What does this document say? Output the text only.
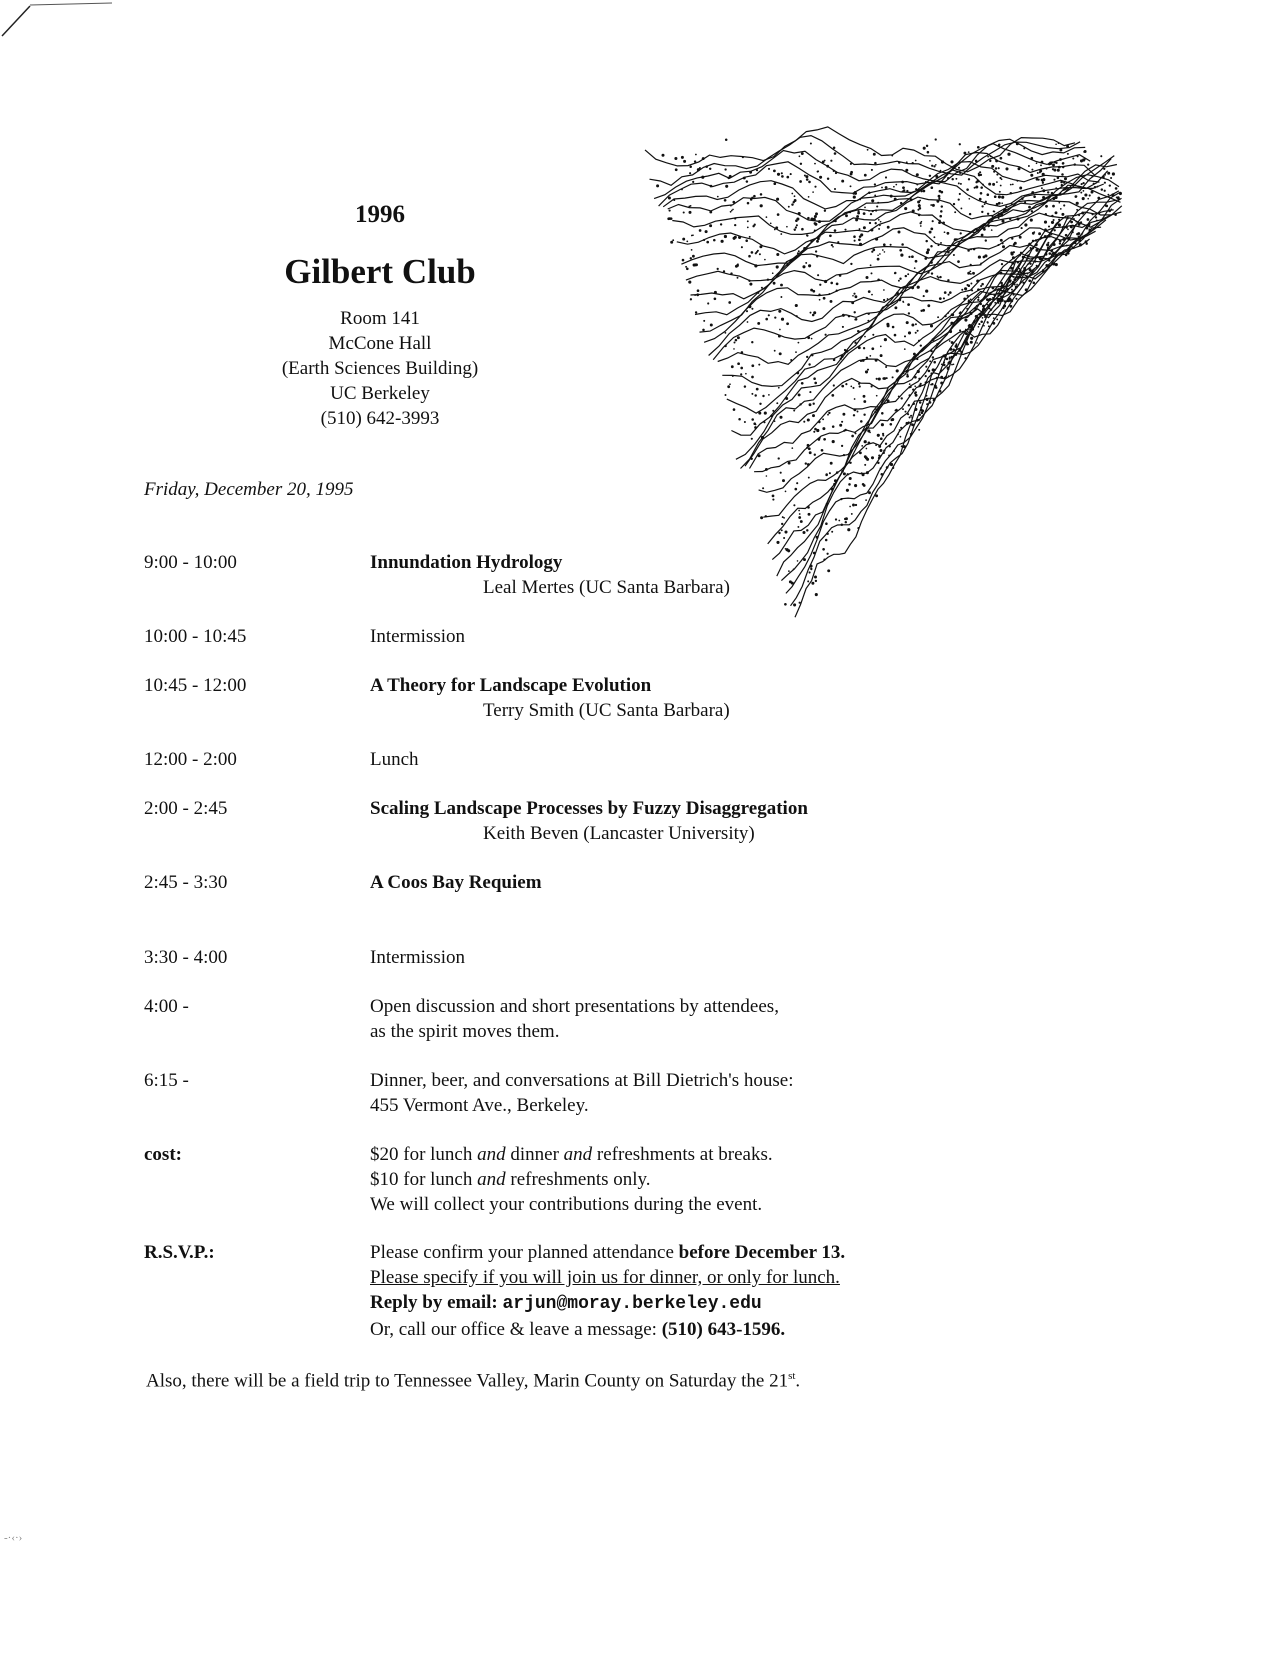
1996
Gilbert Club
Room 141
McCone Hall
(Earth Sciences Building)
UC Berkeley
(510) 642-3993
Friday, December 20, 1995
9:00 - 10:00	Innundation Hydrology
Leal Mertes (UC Santa Barbara)
10:00 - 10:45	Intermission
10:45 - 12:00	A Theory for Landscape Evolution
Terry Smith (UC Santa Barbara)
12:00 - 2:00	Lunch
2:00 - 2:45	Scaling Landscape Processes by Fuzzy Disaggregation
Keith Beven (Lancaster University)
2:45 - 3:30	A Coos Bay Requiem
3:30 - 4:00	Intermission
4:00 -	Open discussion and short presentations by attendees,
as the spirit moves them.
6:15 -	Dinner, beer, and conversations at Bill Dietrich's house:
455 Vermont Ave., Berkeley.
cost:	$20 for lunch and dinner and refreshments at breaks.
$10 for lunch and refreshments only.
We will collect your contributions during the event.
R.S.V.P.:	Please confirm your planned attendance before December 13.
Please specify if you will join us for dinner, or only for lunch.
Reply by email: arjun@moray.berkeley.edu
Or, call our office & leave a message: (510) 643-1596.
Also, there will be a field trip to Tennessee Valley, Marin County on Saturday the 21st.
-·‹·›
